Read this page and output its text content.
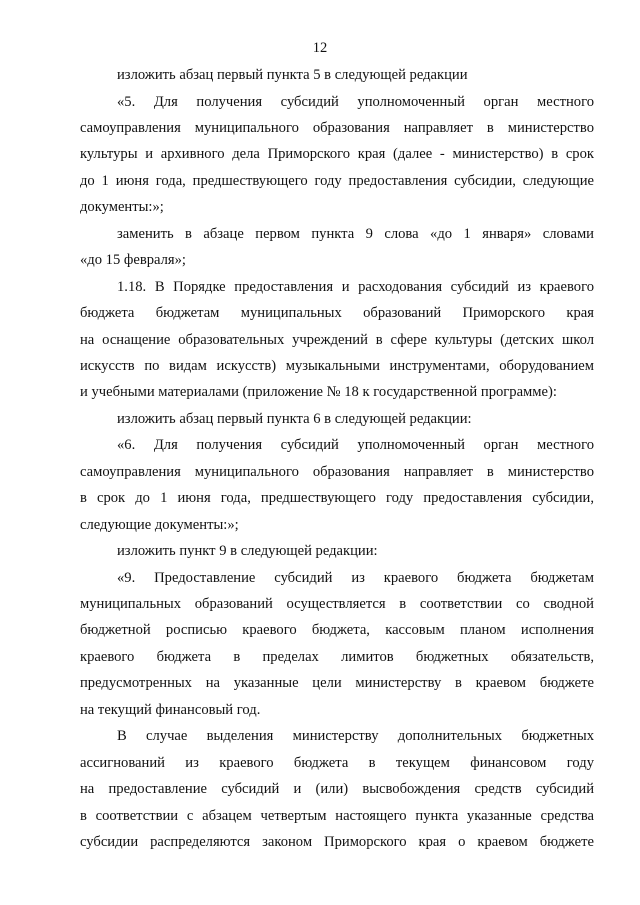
12
изложить абзац первый пункта 5 в следующей редакции
«5. Для получения субсидий уполномоченный орган местного
самоуправления муниципального образования направляет в министерство
культуры и архивного дела Приморского края (далее - министерство) в срок
до 1 июня года, предшествующего году предоставления субсидии, следующие
документы:»;
заменить в абзаце первом пункта 9 слова «до 1 января» словами
«до 15 февраля»;
1.18. В Порядке предоставления и расходования субсидий из краевого
бюджета бюджетам муниципальных образований Приморского края
на оснащение образовательных учреждений в сфере культуры (детских школ
искусств по видам искусств) музыкальными инструментами, оборудованием
и учебными материалами (приложение № 18 к государственной программе):
изложить абзац первый пункта 6 в следующей редакции:
«6. Для получения субсидий уполномоченный орган местного
самоуправления муниципального образования направляет в министерство
в срок до 1 июня года, предшествующего году предоставления субсидии,
следующие документы:»;
изложить пункт 9 в следующей редакции:
«9. Предоставление субсидий из краевого бюджета бюджетам
муниципальных образований осуществляется в соответствии со сводной
бюджетной росписью краевого бюджета, кассовым планом исполнения
краевого бюджета в пределах лимитов бюджетных обязательств,
предусмотренных на указанные цели министерству в краевом бюджете
на текущий финансовый год.
В случае выделения министерству дополнительных бюджетных
ассигнований из краевого бюджета в текущем финансовом году
на предоставление субсидий и (или) высвобождения средств субсидий
в соответствии с абзацем четвертым настоящего пункта указанные средства
субсидии распределяются законом Приморского края о краевом бюджете
